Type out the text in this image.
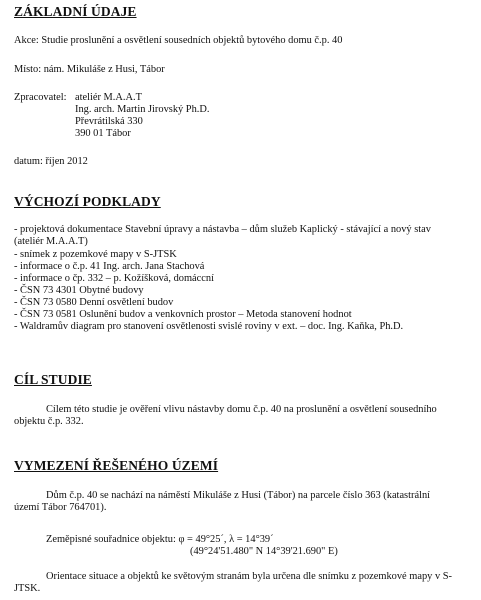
ZÁKLADNÍ ÚDAJE
Akce: Studie proslunění a osvětlení sousedních objektů bytového domu č.p. 40
Místo: nám. Mikuláše z Husi, Tábor
Zpracovatel: ateliér M.A.A.T
Ing. arch. Martin Jirovský Ph.D.
Převrátilská 330
390 01 Tábor
datum: říjen 2012
VÝCHOZÍ PODKLADY
- projektová dokumentace Stavební úpravy a nástavba – dům služeb Kaplický - stávající a nový stav (ateliér M.A.A.T)
- snímek z pozemkové mapy v S-JTSK
- informace o č.p. 41 Ing. arch. Jana Stachová
- informace o čp. 332 – p. Kožíšková, domáccní
- ČSN 73 4301 Obytné budovy
- ČSN 73 0580 Denní osvětlení budov
- ČSN 73 0581 Oslunění budov a venkovních prostor – Metoda stanovení hodnot
- Waldramův diagram pro stanovení osvětlenosti svislé roviny v ext. – doc. Ing. Kaňka, Ph.D.
CÍL STUDIE
Cílem této studie je ověření vlivu nástavby domu č.p. 40 na proslunění a osvětlení sousedního objektu č.p. 332.
VYMEZENÍ ŘEŠENÉHO ÚZEMÍ
Dům č.p. 40 se nachází na náměstí Mikuláše z Husi (Tábor) na parcele číslo 363 (katastrální území Tábor 764701).
Zeměpisné souřadnice objektu: φ = 49°25´, λ = 14°39´
(49°24'51.480" N 14°39'21.690" E)
Orientace situace a objektů ke světovým stranám byla určena dle snímku z pozemkové mapy v S-JTSK.
